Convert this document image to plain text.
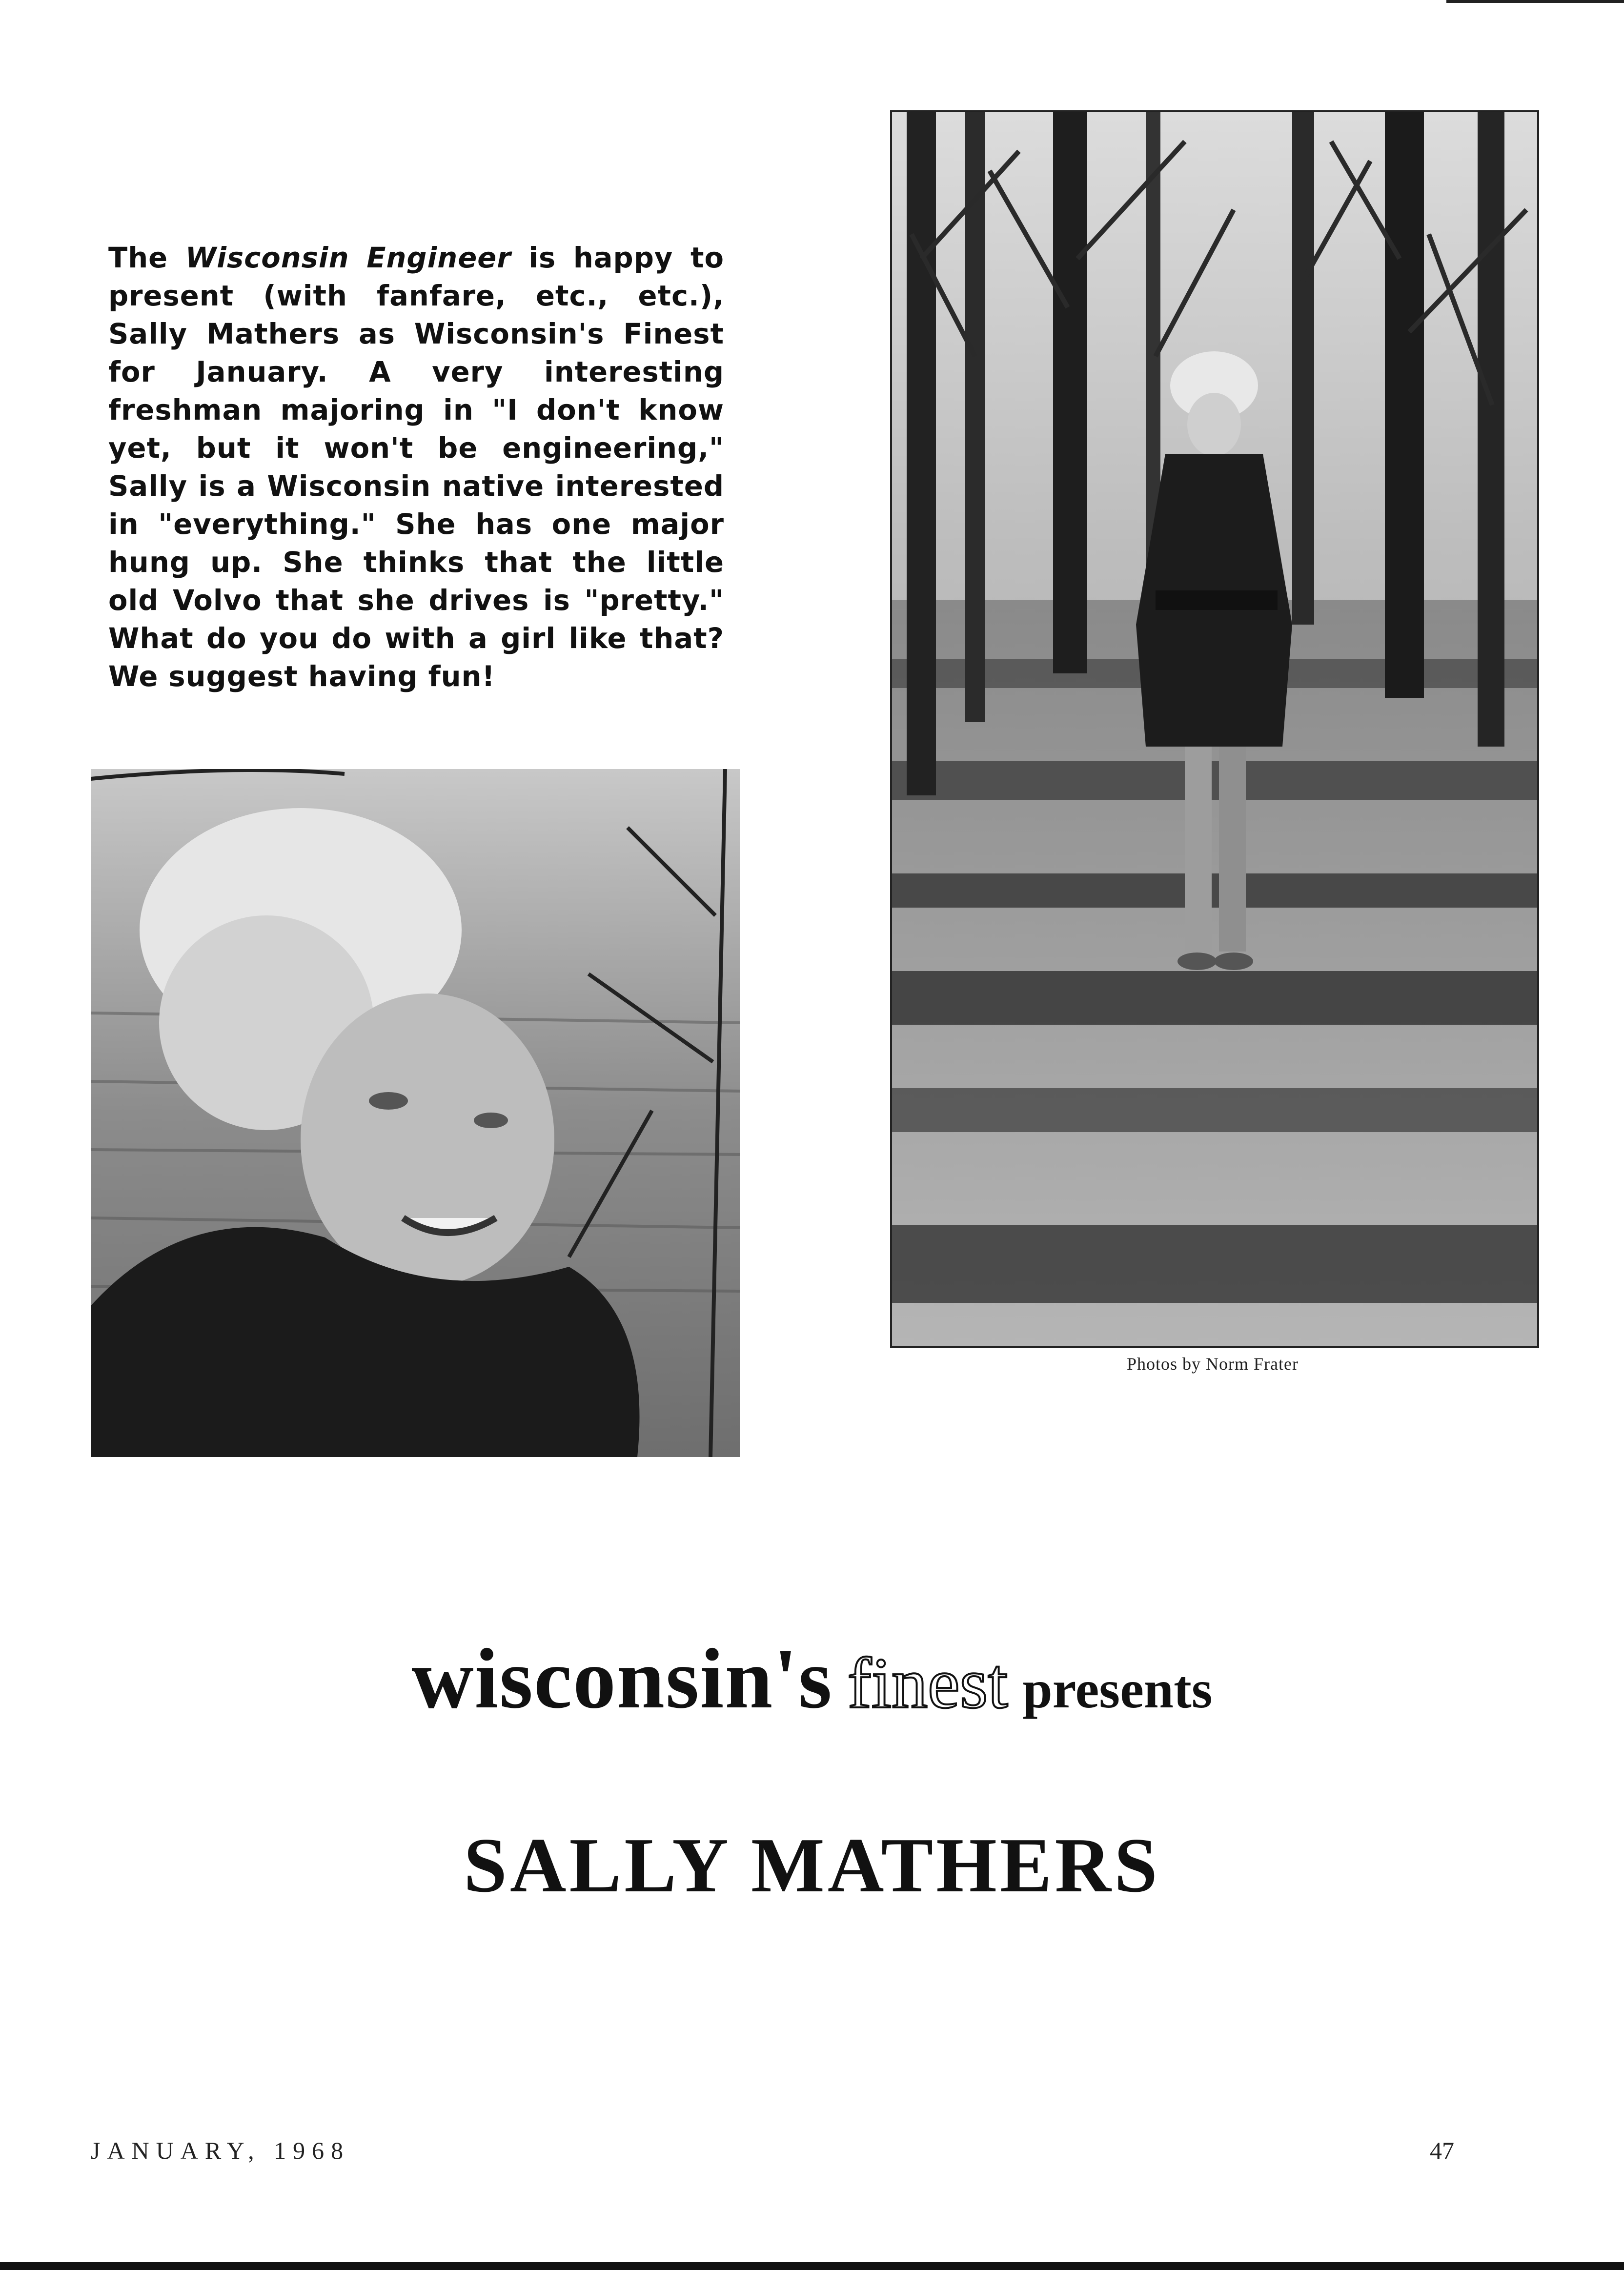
The Wisconsin Engineer is happy to present (with fanfare, etc., etc.), Sally Mathers as Wisconsin's Finest for January. A very interesting freshman majoring in "I don't know yet, but it won't be engineering," Sally is a Wisconsin native interested in "everything." She has one major hung up. She thinks that the little old Volvo that she drives is "pretty." What do you do with a girl like that? We suggest having fun!
Photos by Norm Frater
wisconsin's finest presents
SALLY MATHERS
JANUARY, 1968	47
